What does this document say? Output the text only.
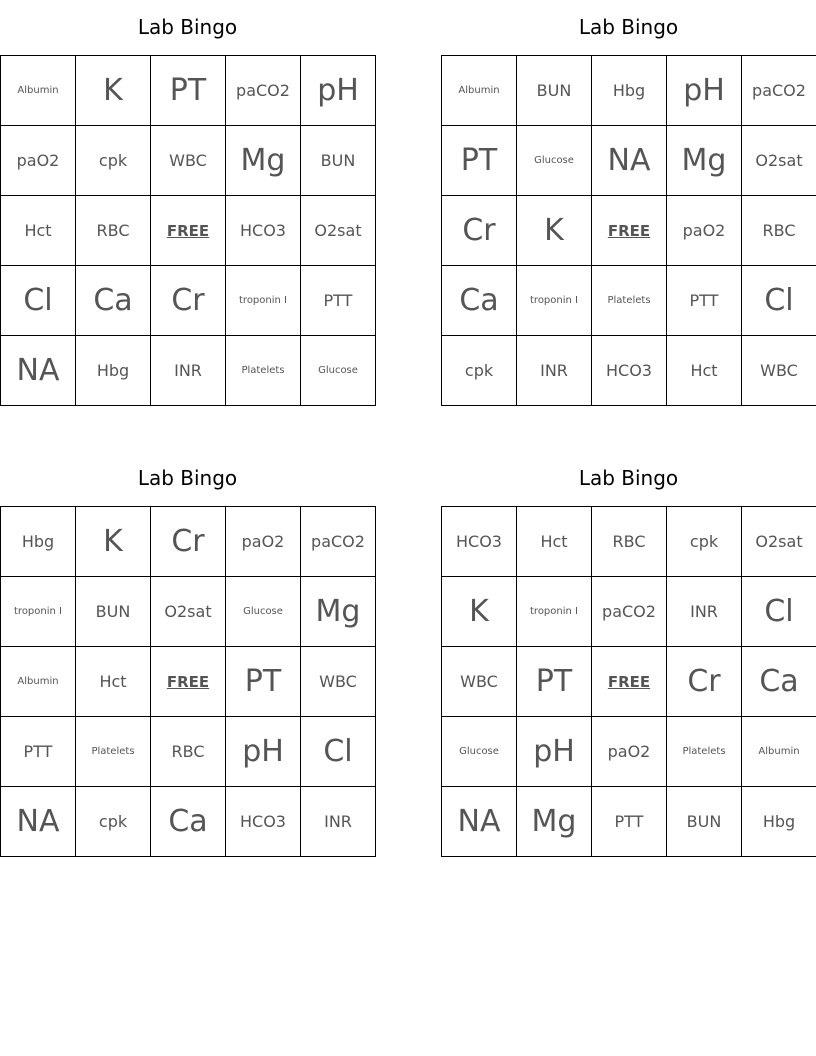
Lab Bingo
Albumin	K	PT	paCO2	pH
paO2	cpk	WBC	Mg	BUN
Hct	RBC	FREE	HCO3	O2sat
Cl	Ca	Cr	troponin I	PTT
NA	Hbg	INR	Platelets	Glucose
Lab Bingo
Albumin	BUN	Hbg	pH	paCO2
PT	Glucose	NA	Mg	O2sat
Cr	K	FREE	paO2	RBC
Ca	troponin I	Platelets	PTT	Cl
cpk	INR	HCO3	Hct	WBC
Lab Bingo
Hbg	K	Cr	paO2	paCO2
troponin I	BUN	O2sat	Glucose	Mg
Albumin	Hct	FREE	PT	WBC
PTT	Platelets	RBC	pH	Cl
NA	cpk	Ca	HCO3	INR
Lab Bingo
HCO3	Hct	RBC	cpk	O2sat
K	troponin I	paCO2	INR	Cl
WBC	PT	FREE	Cr	Ca
Glucose	pH	paO2	Platelets	Albumin
NA	Mg	PTT	BUN	Hbg
